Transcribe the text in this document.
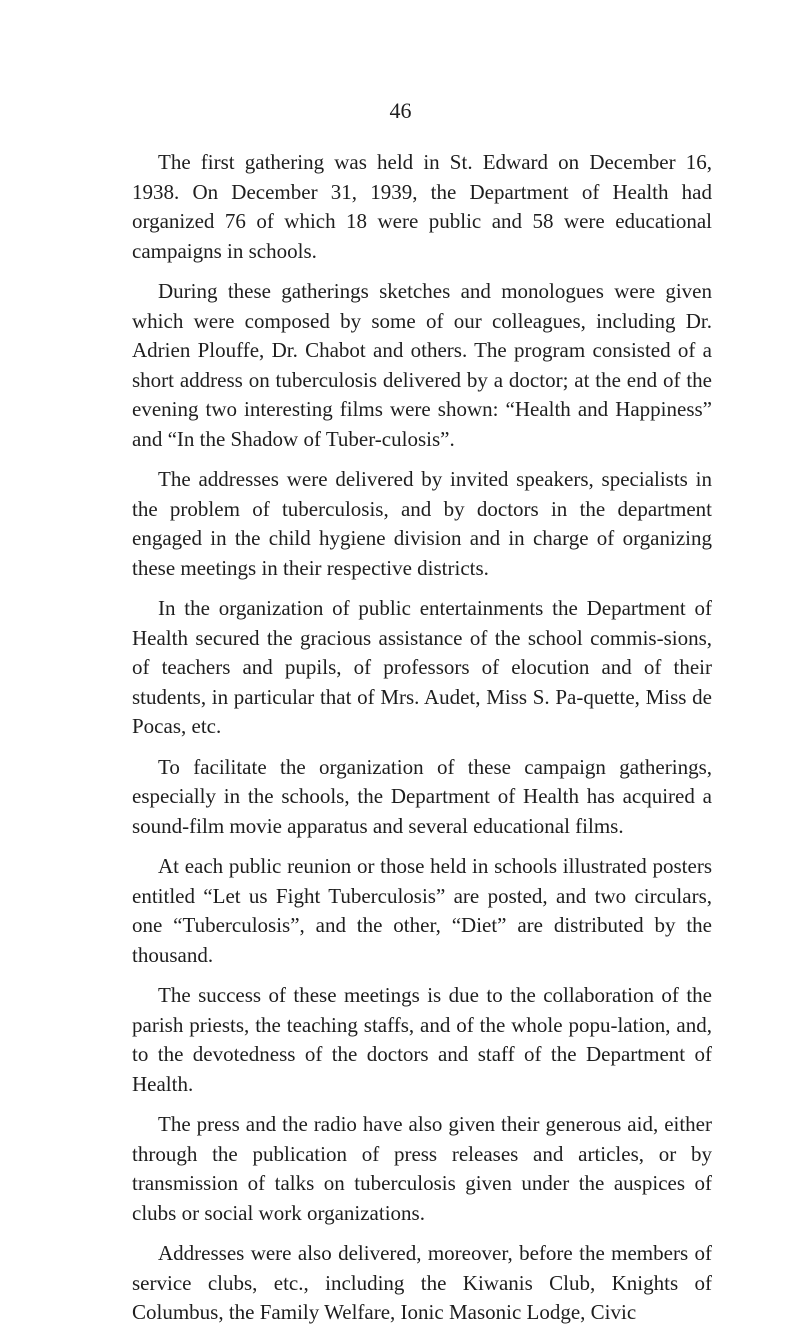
46

The first gathering was held in St. Edward on December 16, 1938. On December 31, 1939, the Department of Health had organized 76 of which 18 were public and 58 were educational campaigns in schools.

During these gatherings sketches and monologues were given which were composed by some of our colleagues, including Dr. Adrien Plouffe, Dr. Chabot and others. The program consisted of a short address on tuberculosis delivered by a doctor; at the end of the evening two interesting films were shown: “Health and Happiness” and “In the Shadow of Tuber-culosis”.

The addresses were delivered by invited speakers, specialists in the problem of tuberculosis, and by doctors in the department engaged in the child hygiene division and in charge of organizing these meetings in their respective districts.

In the organization of public entertainments the Department of Health secured the gracious assistance of the school commis-sions, of teachers and pupils, of professors of elocution and of their students, in particular that of Mrs. Audet, Miss S. Pa-quette, Miss de Pocas, etc.

To facilitate the organization of these campaign gatherings, especially in the schools, the Department of Health has acquired a sound-film movie apparatus and several educational films.

At each public reunion or those held in schools illustrated posters entitled “Let us Fight Tuberculosis” are posted, and two circulars, one “Tuberculosis”, and the other, “Diet” are distributed by the thousand.

The success of these meetings is due to the collaboration of the parish priests, the teaching staffs, and of the whole popu-lation, and, to the devotedness of the doctors and staff of the Department of Health.

The press and the radio have also given their generous aid, either through the publication of press releases and articles, or by transmission of talks on tuberculosis given under the auspices of clubs or social work organizations.

Addresses were also delivered, moreover, before the members of service clubs, etc., including the Kiwanis Club, Knights of Columbus, the Family Welfare, Ionic Masonic Lodge, Civic
